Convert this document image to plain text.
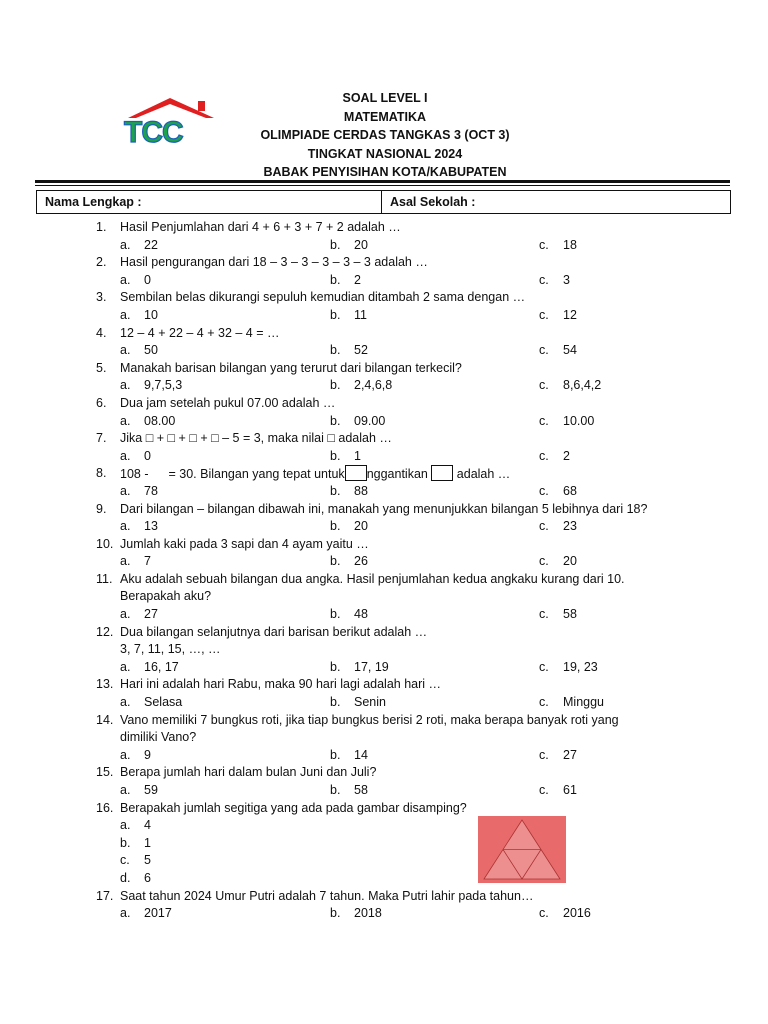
TCC
SOAL LEVEL I
MATEMATIKA
OLIMPIADE CERDAS TANGKAS 3 (OCT 3)
TINGKAT NASIONAL 2024
BABAK PENYISIHAN KOTA/KABUPATEN
Nama Lengkap :	Asal Sekolah :
1. Hasil Penjumlahan dari 4 + 6 + 3 + 7 + 2 adalah …
a. 22	b. 20	c. 18
2. Hasil pengurangan dari 18 – 3 – 3 – 3 – 3 – 3 adalah …
a. 0	b. 2	c. 3
3. Sembilan belas dikurangi sepuluh kemudian ditambah 2 sama dengan …
a. 10	b. 11	c. 12
4. 12 – 4 + 22 – 4 + 32 – 4 = …
a. 50	b. 52	c. 54
5. Manakah barisan bilangan yang terurut dari bilangan terkecil?
a. 9,7,5,3	b. 2,4,6,8	c. 8,6,4,2
6. Dua jam setelah pukul 07.00 adalah …
a. 08.00	b. 09.00	c. 10.00
7. Jika □ + □ + □ + □ – 5 = 3, maka nilai □ adalah …
a. 0	b. 1	c. 2
8. 108 - = 30. Bilangan yang tepat untuk nggantikan  adalah …
a. 78	b. 88	c. 68
9. Dari bilangan – bilangan dibawah ini, manakah yang menunjukkan bilangan 5 lebihnya dari 18?
a. 13	b. 20	c. 23
10. Jumlah kaki pada 3 sapi dan 4 ayam yaitu …
a. 7	b. 26	c. 20
11. Aku adalah sebuah bilangan dua angka. Hasil penjumlahan kedua angkaku kurang dari 10.
Berapakah aku?
a. 27	b. 48	c. 58
12. Dua bilangan selanjutnya dari barisan berikut adalah …
3, 7, 11, 15, …, …
a. 16, 17	b. 17, 19	c. 19, 23
13. Hari ini adalah hari Rabu, maka 90 hari lagi adalah hari …
a. Selasa	b. Senin	c. Minggu
14. Vano memiliki 7 bungkus roti, jika tiap bungkus berisi 2 roti, maka berapa banyak roti yang
dimiliki Vano?
a. 9	b. 14	c. 27
15. Berapa jumlah hari dalam bulan Juni dan Juli?
a. 59	b. 58	c. 61
16. Berapakah jumlah segitiga yang ada pada gambar disamping?
a. 4
b. 1
c. 5
d. 6
17. Saat tahun 2024 Umur Putri adalah 7 tahun. Maka Putri lahir pada tahun…
a. 2017	b. 2018	c. 2016
